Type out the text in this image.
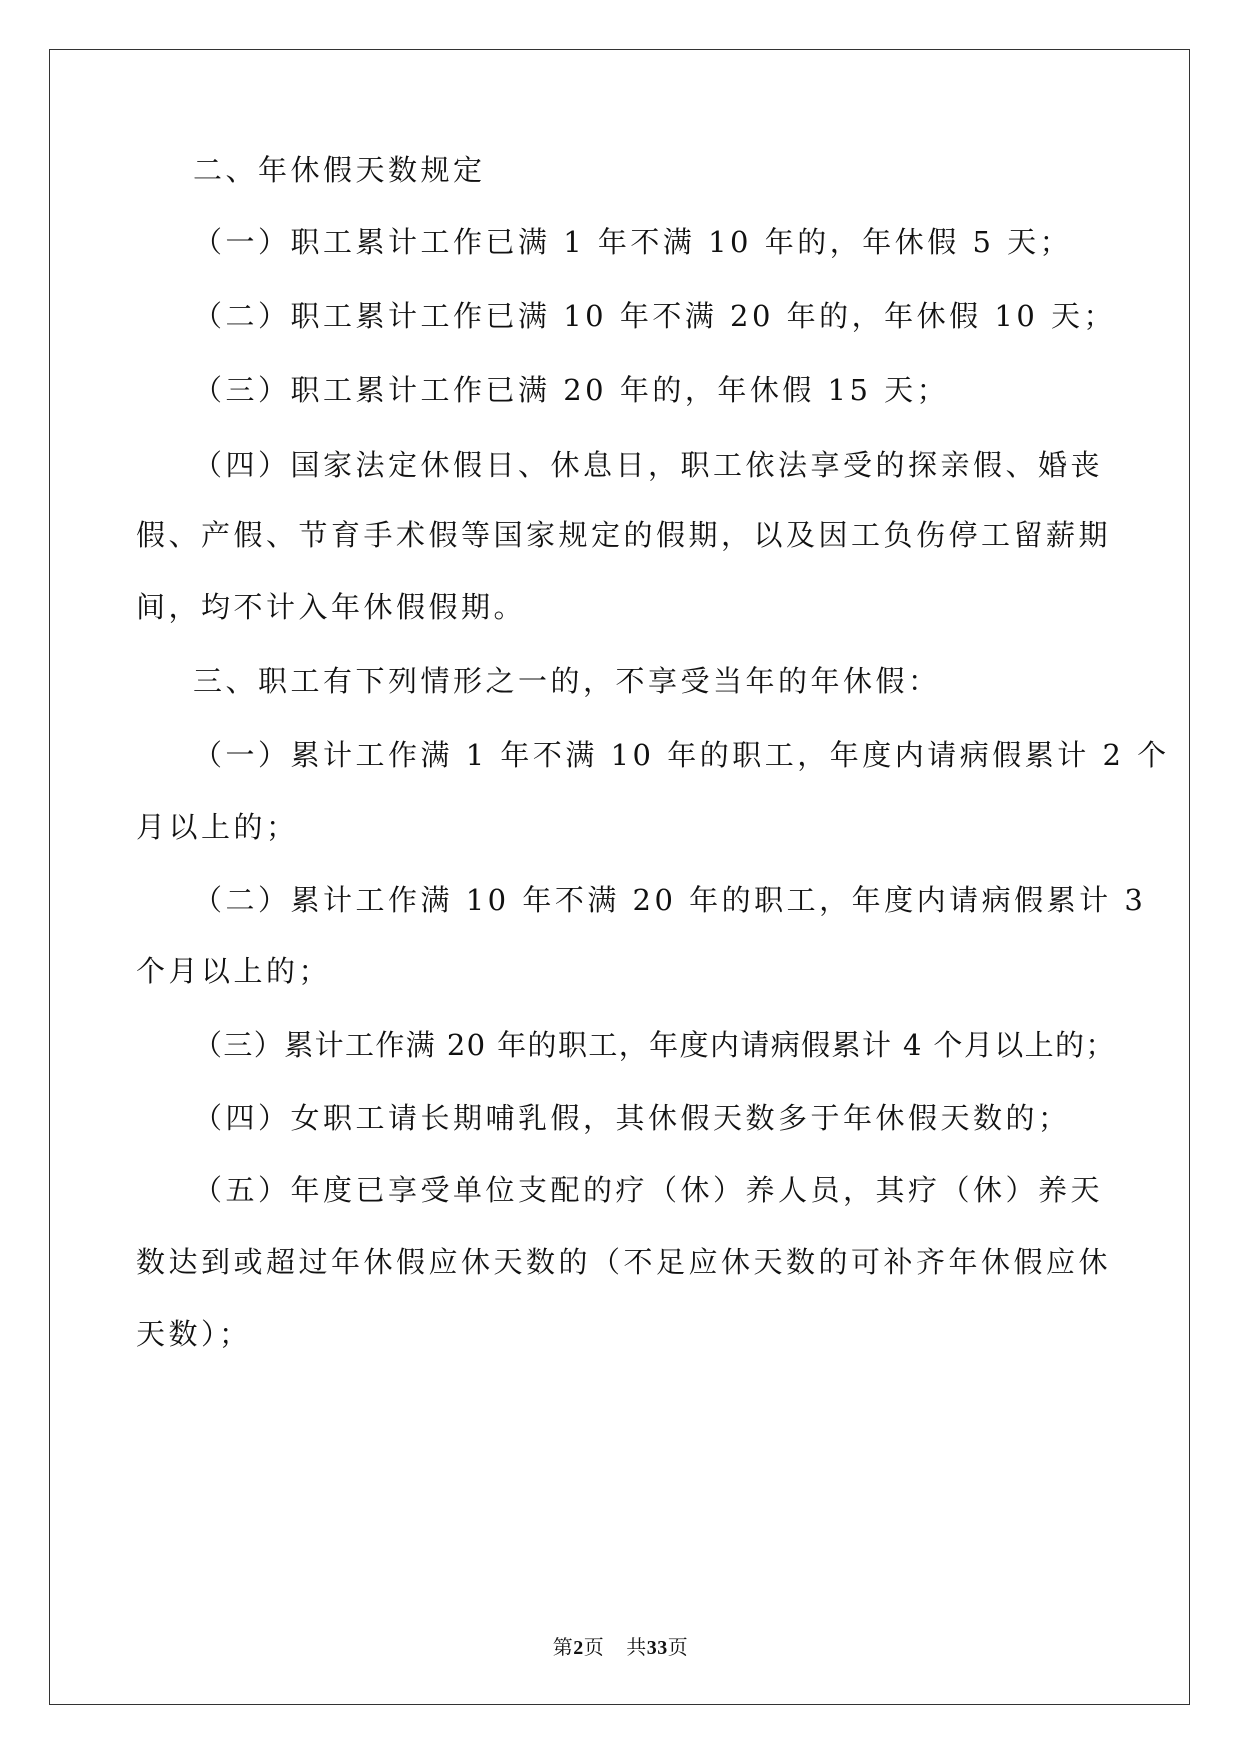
二、年休假天数规定

（一）职工累计工作已满 1 年不满 10 年的，年休假 5 天；

（二）职工累计工作已满 10 年不满 20 年的，年休假 10 天；

（三）职工累计工作已满 20 年的，年休假 15 天；

（四）国家法定休假日、休息日，职工依法享受的探亲假、婚丧

假、产假、节育手术假等国家规定的假期，以及因工负伤停工留薪期

间，均不计入年休假假期。

三、职工有下列情形之一的，不享受当年的年休假：

（一）累计工作满 1 年不满 10 年的职工，年度内请病假累计 2 个

月以上的；

（二）累计工作满 10 年不满 20 年的职工，年度内请病假累计 3

个月以上的；

（三）累计工作满 20 年的职工，年度内请病假累计 4 个月以上的；

（四）女职工请长期哺乳假，其休假天数多于年休假天数的；

（五）年度已享受单位支配的疗（休）养人员，其疗（休）养天

数达到或超过年休假应休天数的（不足应休天数的可补齐年休假应休

天数）；

第2页 共33页
